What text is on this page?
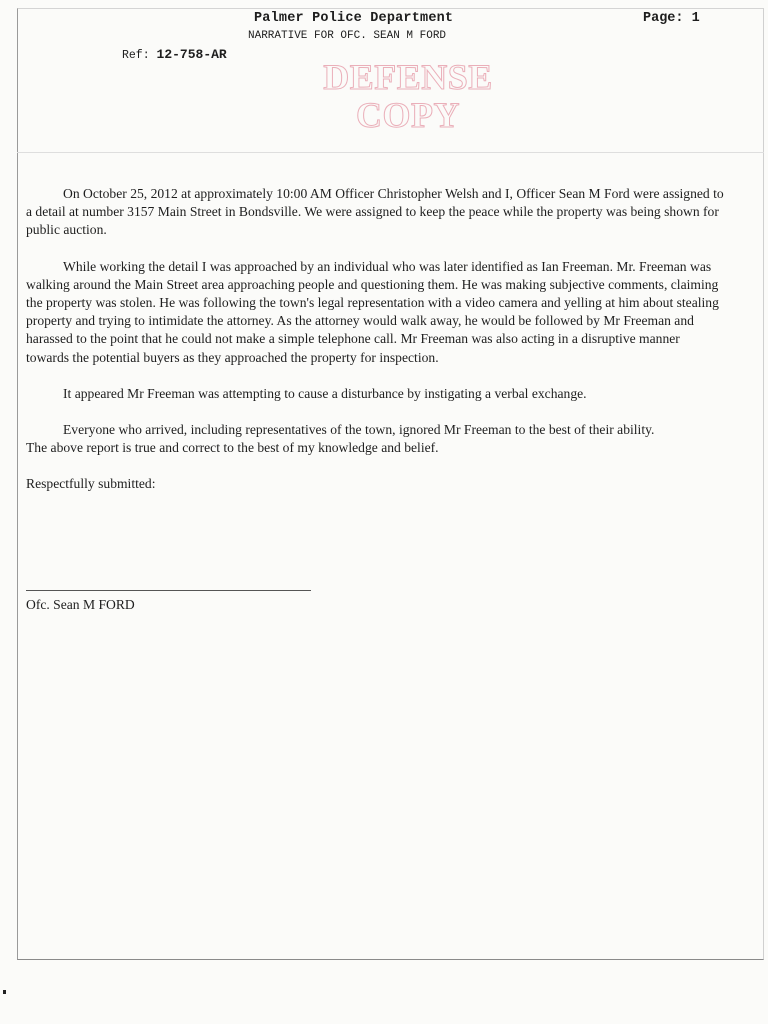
Palmer Police Department	Page: 1
NARRATIVE FOR OFC. SEAN M FORD
Ref: 12-758-AR
DEFENSE
COPY

On October 25, 2012 at approximately 10:00 AM Officer Christopher Welsh and I, Officer Sean M Ford were assigned to a detail at number 3157 Main Street in Bondsville. We were assigned to keep the peace while the property was being shown for public auction.

While working the detail I was approached by an individual who was later identified as Ian Freeman. Mr. Freeman was walking around the Main Street area approaching people and questioning them. He was making subjective comments, claiming the property was stolen. He was following the town's legal representation with a video camera and yelling at him about stealing property and trying to intimidate the attorney. As the attorney would walk away, he would be followed by Mr Freeman and harassed to the point that he could not make a simple telephone call. Mr Freeman was also acting in a disruptive manner towards the potential buyers as they approached the property for inspection.

It appeared Mr Freeman was attempting to cause a disturbance by instigating a verbal exchange.

Everyone who arrived, including representatives of the town, ignored Mr Freeman to the best of their ability.

The above report is true and correct to the best of my knowledge and belief.

Respectfully submitted:

Ofc. Sean M FORD
